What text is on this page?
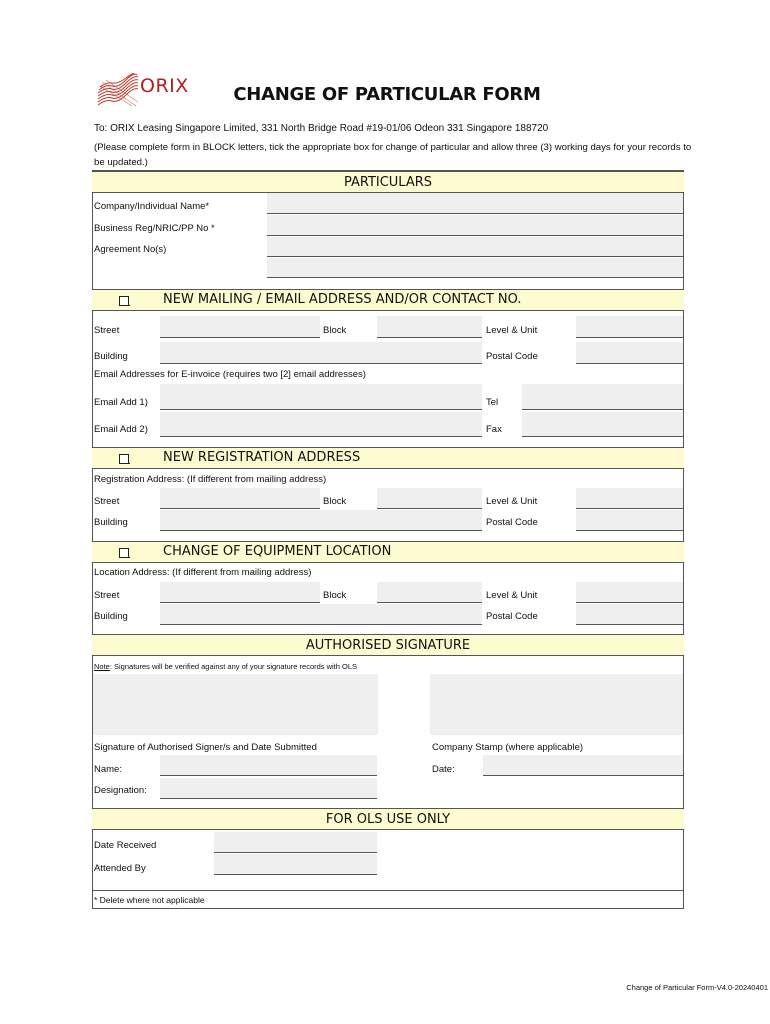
ORIX	CHANGE OF PARTICULAR FORM
To: ORIX Leasing Singapore Limited, 331 North Bridge Road #19-01/06 Odeon 331 Singapore 188720
(Please complete form in BLOCK letters, tick the appropriate box for change of particular and allow three (3) working days for your records to be updated.)
PARTICULARS
Company/Individual Name*
Business Reg/NRIC/PP No *
Agreement No(s)
NEW MAILING / EMAIL ADDRESS AND/OR CONTACT NO.
Street	Block	Level & Unit
Building	Postal Code
Email Addresses for E-invoice (requires two [2] email addresses)
Email Add 1)	Tel
Email Add 2)	Fax
NEW REGISTRATION ADDRESS
Registration Address: (If different from mailing address)
Street	Block	Level & Unit
Building	Postal Code
CHANGE OF EQUIPMENT LOCATION
Location Address: (If different from mailing address)
Street	Block	Level & Unit
Building	Postal Code
AUTHORISED SIGNATURE
Note: Signatures will be verified against any of your signature records with OLS
Signature of Authorised Signer/s and Date Submitted	Company Stamp (where applicable)
Name:	Date:
Designation:
FOR OLS USE ONLY
Date Received
Attended By
* Delete where not applicable
Change of Particular Form-V4.0-20240401
